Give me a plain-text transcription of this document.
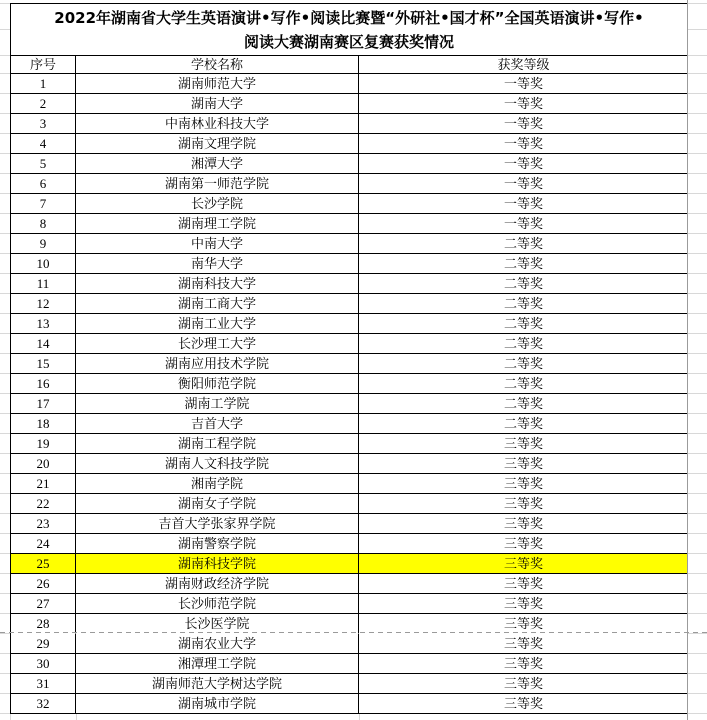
2022年湖南省大学生英语演讲•写作•阅读比赛暨“外研社•国才杯”全国英语演讲•写作•
阅读大赛湖南赛区复赛获奖情况
序号	学校名称	获奖等级
1	湖南师范大学	一等奖
2	湖南大学	一等奖
3	中南林业科技大学	一等奖
4	湖南文理学院	一等奖
5	湘潭大学	一等奖
6	湖南第一师范学院	一等奖
7	长沙学院	一等奖
8	湖南理工学院	一等奖
9	中南大学	二等奖
10	南华大学	二等奖
11	湖南科技大学	二等奖
12	湖南工商大学	二等奖
13	湖南工业大学	二等奖
14	长沙理工大学	二等奖
15	湖南应用技术学院	二等奖
16	衡阳师范学院	二等奖
17	湖南工学院	二等奖
18	吉首大学	二等奖
19	湖南工程学院	三等奖
20	湖南人文科技学院	三等奖
21	湘南学院	三等奖
22	湖南女子学院	三等奖
23	吉首大学张家界学院	三等奖
24	湖南警察学院	三等奖
25	湖南科技学院	三等奖
26	湖南财政经济学院	三等奖
27	长沙师范学院	三等奖
28	长沙医学院	三等奖
29	湖南农业大学	三等奖
30	湘潭理工学院	三等奖
31	湖南师范大学树达学院	三等奖
32	湖南城市学院	三等奖
